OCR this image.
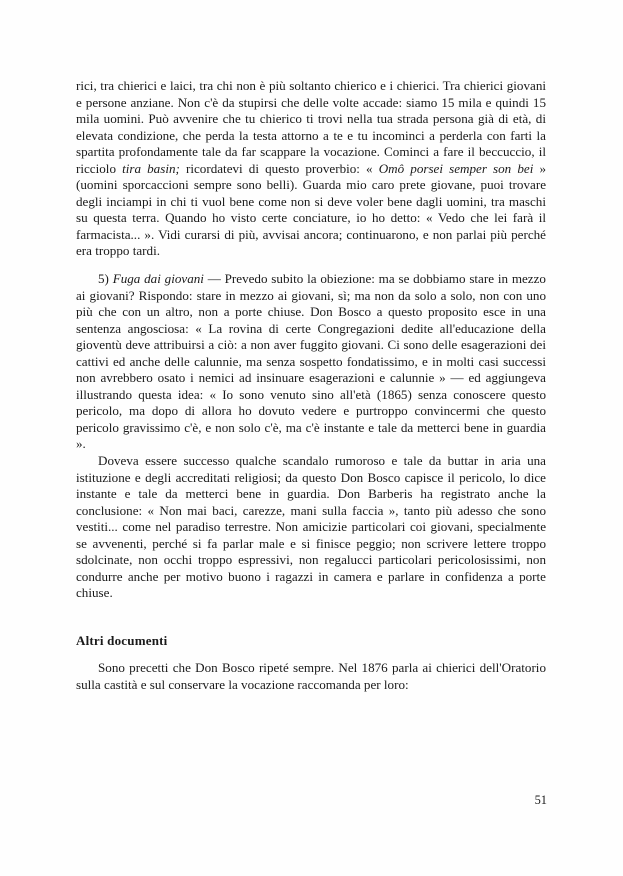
rici, tra chierici e laici, tra chi non è più soltanto chierico e i chierici. Tra chierici giovani e persone anziane. Non c'è da stupirsi che delle volte accade: siamo 15 mila e quindi 15 mila uomini. Può avvenire che tu chierico ti trovi nella tua strada persona già di età, di elevata condizione, che perda la testa attorno a te e tu incominci a perderla con farti la spartita profondamente tale da far scappare la vocazione. Cominci a fare il beccuccio, il ricciolo tira basin; ricordatevi di questo proverbio: « Omô porsei semper son bei » (uomini sporcaccioni sempre sono belli). Guarda mio caro prete giovane, puoi trovare degli inciampi in chi ti vuol bene come non si deve voler bene dagli uomini, tra maschi su questa terra. Quando ho visto certe conciature, io ho detto: « Vedo che lei farà il farmacista... ». Vidi curarsi di più, avvisai ancora; continuarono, e non parlai più perché era troppo tardi.

5) Fuga dai giovani — Prevedo subito la obiezione: ma se dobbiamo stare in mezzo ai giovani? Rispondo: stare in mezzo ai giovani, sì; ma non da solo a solo, non con uno più che con un altro, non a porte chiuse. Don Bosco a questo proposito esce in una sentenza angosciosa: « La rovina di certe Congregazioni dedite all'educazione della gioventù deve attribuirsi a ciò: a non aver fuggito giovani. Ci sono delle esagerazioni dei cattivi ed anche delle calunnie, ma senza sospetto fondatissimo, e in molti casi successi non avrebbero osato i nemici ad insinuare esagerazioni e calunnie » — ed aggiungeva illustrando questa idea: « Io sono venuto sino all'età (1865) senza conoscere questo pericolo, ma dopo di allora ho dovuto vedere e purtroppo convincermi che questo pericolo gravissimo c'è, e non solo c'è, ma c'è instante e tale da metterci bene in guardia ».

Doveva essere successo qualche scandalo rumoroso e tale da buttar in aria una istituzione e degli accreditati religiosi; da questo Don Bosco capisce il pericolo, lo dice instante e tale da metterci bene in guardia. Don Barberis ha registrato anche la conclusione: « Non mai baci, carezze, mani sulla faccia », tanto più adesso che sono vestiti... come nel paradiso terrestre. Non amicizie particolari coi giovani, specialmente se avvenenti, perché si fa parlar male e si finisce peggio; non scrivere lettere troppo sdolcinate, non occhi troppo espressivi, non regalucci particolari pericolosissimi, non condurre anche per motivo buono i ragazzi in camera e parlare in confidenza a porte chiuse.

Altri documenti

Sono precetti che Don Bosco ripeté sempre. Nel 1876 parla ai chierici dell'Oratorio sulla castità e sul conservare la vocazione raccomanda per loro:

51
